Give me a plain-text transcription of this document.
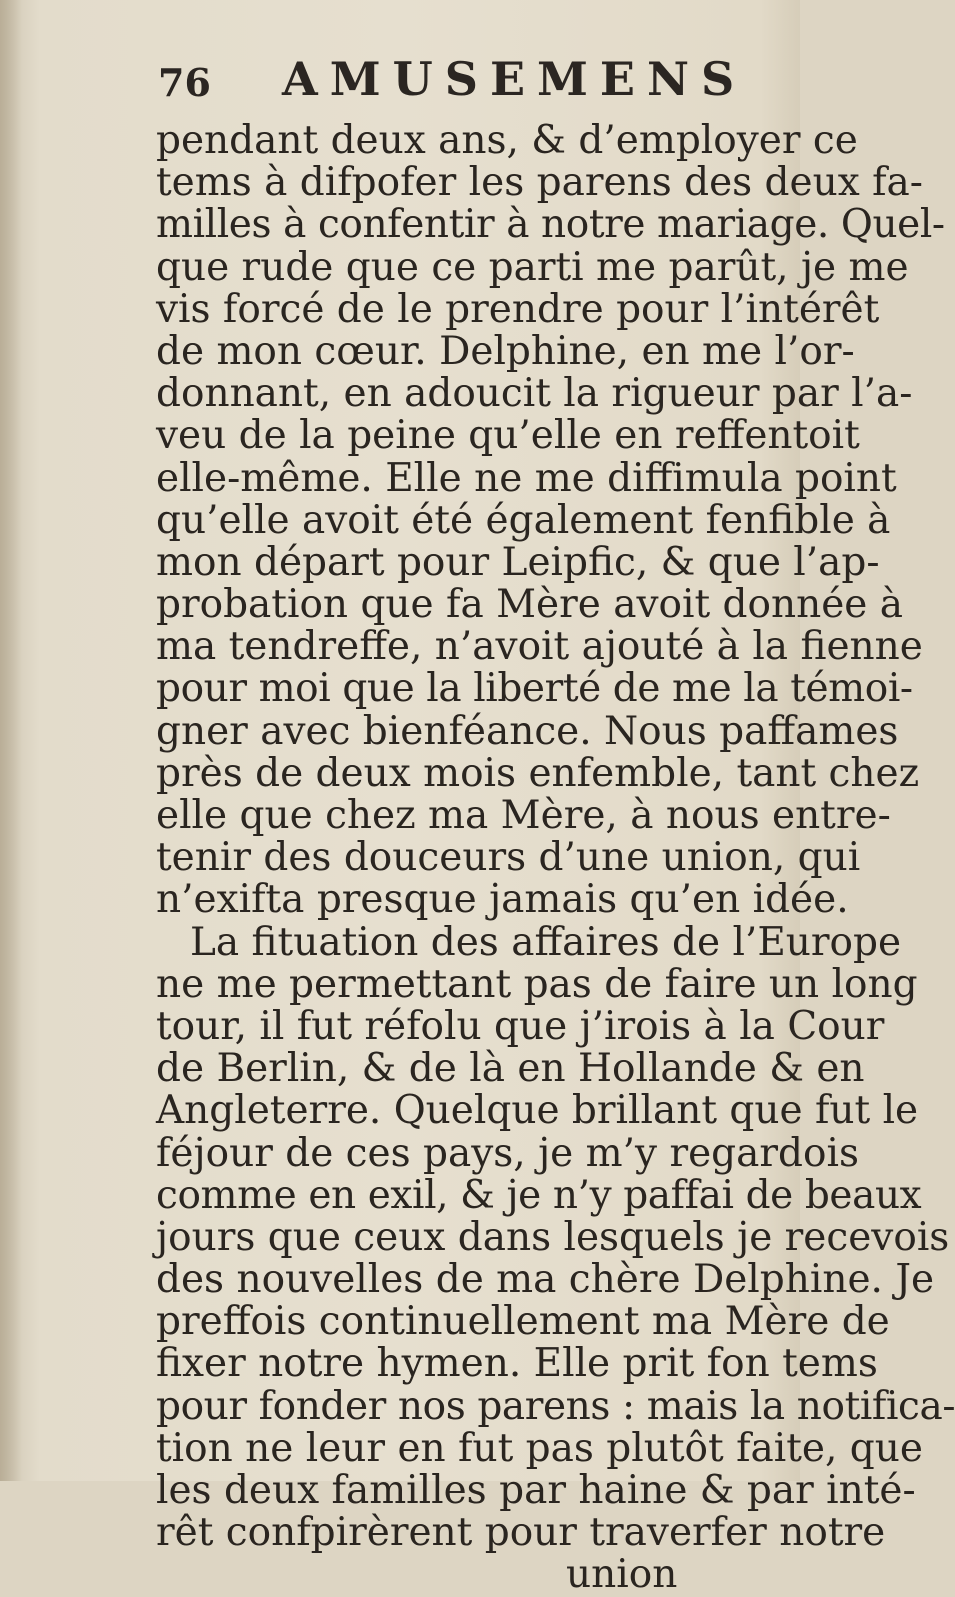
76 AMUSEMENS
pendant deux ans, & d’employer ce
tems à difpofer les parens des deux fa-
milles à confentir à notre mariage. Quel-
que rude que ce parti me parût, je me
vis forcé de le prendre pour l’intérêt
de mon cœur. Delphine, en me l’or-
donnant, en adoucit la rigueur par l’a-
veu de la peine qu’elle en reffentoit
elle-même. Elle ne me diffimula point
qu’elle avoit été également fenfible à
mon départ pour Leipfic, & que l’ap-
probation que fa Mère avoit donnée à
ma tendreffe, n’avoit ajouté à la fienne
pour moi que la liberté de me la témoi-
gner avec bienféance. Nous paffames
près de deux mois enfemble, tant chez
elle que chez ma Mère, à nous entre-
tenir des douceurs d’une union, qui
n’exifta presque jamais qu’en idée.
La fituation des affaires de l’Europe
ne me permettant pas de faire un long
tour, il fut réfolu que j’irois à la Cour
de Berlin, & de là en Hollande & en
Angleterre. Quelque brillant que fut le
féjour de ces pays, je m’y regardois
comme en exil, & je n’y paffai de beaux
jours que ceux dans lesquels je recevois
des nouvelles de ma chère Delphine. Je
preffois continuellement ma Mère de
fixer notre hymen. Elle prit fon tems
pour fonder nos parens : mais la notifica-
tion ne leur en fut pas plutôt faite, que
les deux familles par haine & par inté-
rêt confpirèrent pour traverfer notre
union
